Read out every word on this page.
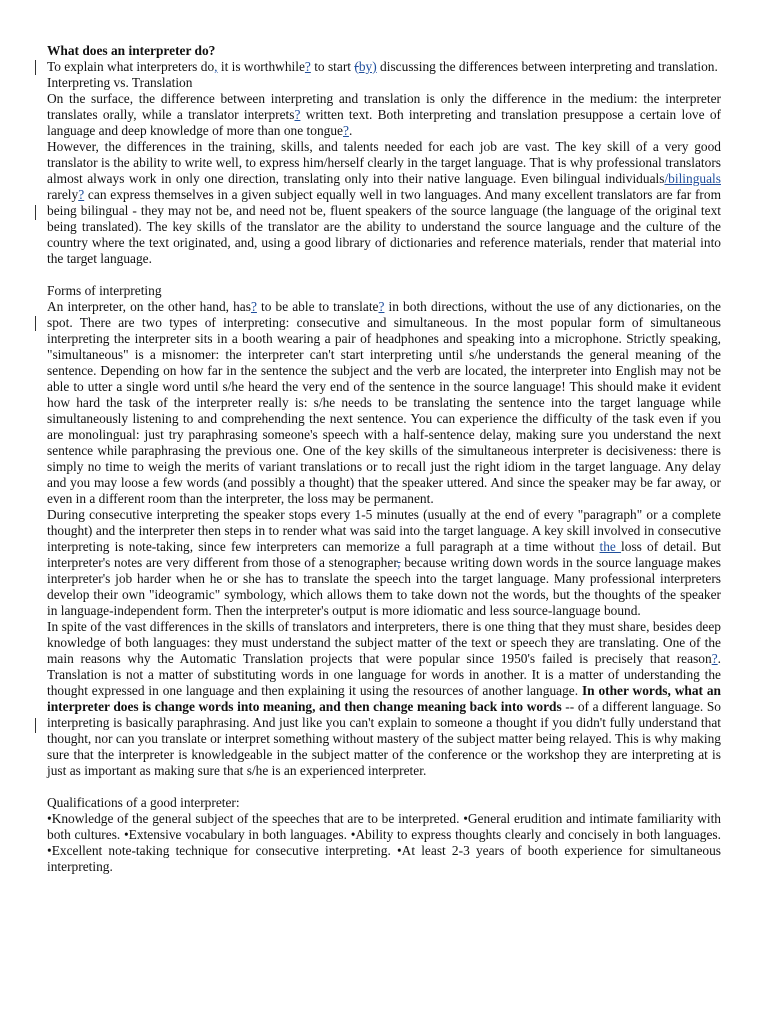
What does an interpreter do?

To explain what interpreters do, it is worthwhile? to start (by) discussing the differences between interpreting and translation.

Interpreting vs. Translation

On the surface, the difference between interpreting and translation is only the difference in the medium: the interpreter translates orally, while a translator interprets? written text. Both interpreting and translation presuppose a certain love of language and deep knowledge of more than one tongue?.

However, the differences in the training, skills, and talents needed for each job are vast. The key skill of a very good translator is the ability to write well, to express him/herself clearly in the target language. That is why professional translators almost always work in only one direction, translating only into their native language. Even bilingual individuals/bilinguals rarely? can express themselves in a given subject equally well in two languages. And many excellent translators are far from being bilingual - they may not be, and need not be, fluent speakers of the source language (the language of the original text being translated). The key skills of the translator are the ability to understand the source language and the culture of the country where the text originated, and, using a good library of dictionaries and reference materials, render that material into the target language.

Forms of interpreting

An interpreter, on the other hand, has? to be able to translate? in both directions, without the use of any dictionaries, on the spot. There are two types of interpreting: consecutive and simultaneous. In the most popular form of simultaneous interpreting the interpreter sits in a booth wearing a pair of headphones and speaking into a microphone. Strictly speaking, "simultaneous" is a misnomer: the interpreter can't start interpreting until s/he understands the general meaning of the sentence. Depending on how far in the sentence the subject and the verb are located, the interpreter into English may not be able to utter a single word until s/he heard the very end of the sentence in the source language! This should make it evident how hard the task of the interpreter really is: s/he needs to be translating the sentence into the target language while simultaneously listening to and comprehending the next sentence. You can experience the difficulty of the task even if you are monolingual: just try paraphrasing someone's speech with a half-sentence delay, making sure you understand the next sentence while paraphrasing the previous one. One of the key skills of the simultaneous interpreter is decisiveness: there is simply no time to weigh the merits of variant translations or to recall just the right idiom in the target language. Any delay and you may loose a few words (and possibly a thought) that the speaker uttered. And since the speaker may be far away, or even in a different room than the interpreter, the loss may be permanent.

During consecutive interpreting the speaker stops every 1-5 minutes (usually at the end of every "paragraph" or a complete thought) and the interpreter then steps in to render what was said into the target language. A key skill involved in consecutive interpreting is note-taking, since few interpreters can memorize a full paragraph at a time without the loss of detail. But interpreter's notes are very different from those of a stenographer, because writing down words in the source language makes interpreter's job harder when he or she has to translate the speech into the target language. Many professional interpreters develop their own "ideogramic" symbology, which allows them to take down not the words, but the thoughts of the speaker in language-independent form. Then the interpreter's output is more idiomatic and less source-language bound.

In spite of the vast differences in the skills of translators and interpreters, there is one thing that they must share, besides deep knowledge of both languages: they must understand the subject matter of the text or speech they are translating. One of the main reasons why the Automatic Translation projects that were popular since 1950's failed is precisely that reason?. Translation is not a matter of substituting words in one language for words in another. It is a matter of understanding the thought expressed in one language and then explaining it using the resources of another language. In other words, what an interpreter does is change words into meaning, and then change meaning back into words -- of a different language. So interpreting is basically paraphrasing. And just like you can't explain to someone a thought if you didn't fully understand that thought, nor can you translate or interpret something without mastery of the subject matter being relayed. This is why making sure that the interpreter is knowledgeable in the subject matter of the conference or the workshop they are interpreting at is just as important as making sure that s/he is an experienced interpreter.

Qualifications of a good interpreter:

•Knowledge of the general subject of the speeches that are to be interpreted. •General erudition and intimate familiarity with both cultures. •Extensive vocabulary in both languages. •Ability to express thoughts clearly and concisely in both languages. •Excellent note-taking technique for consecutive interpreting. •At least 2-3 years of booth experience for simultaneous interpreting.
